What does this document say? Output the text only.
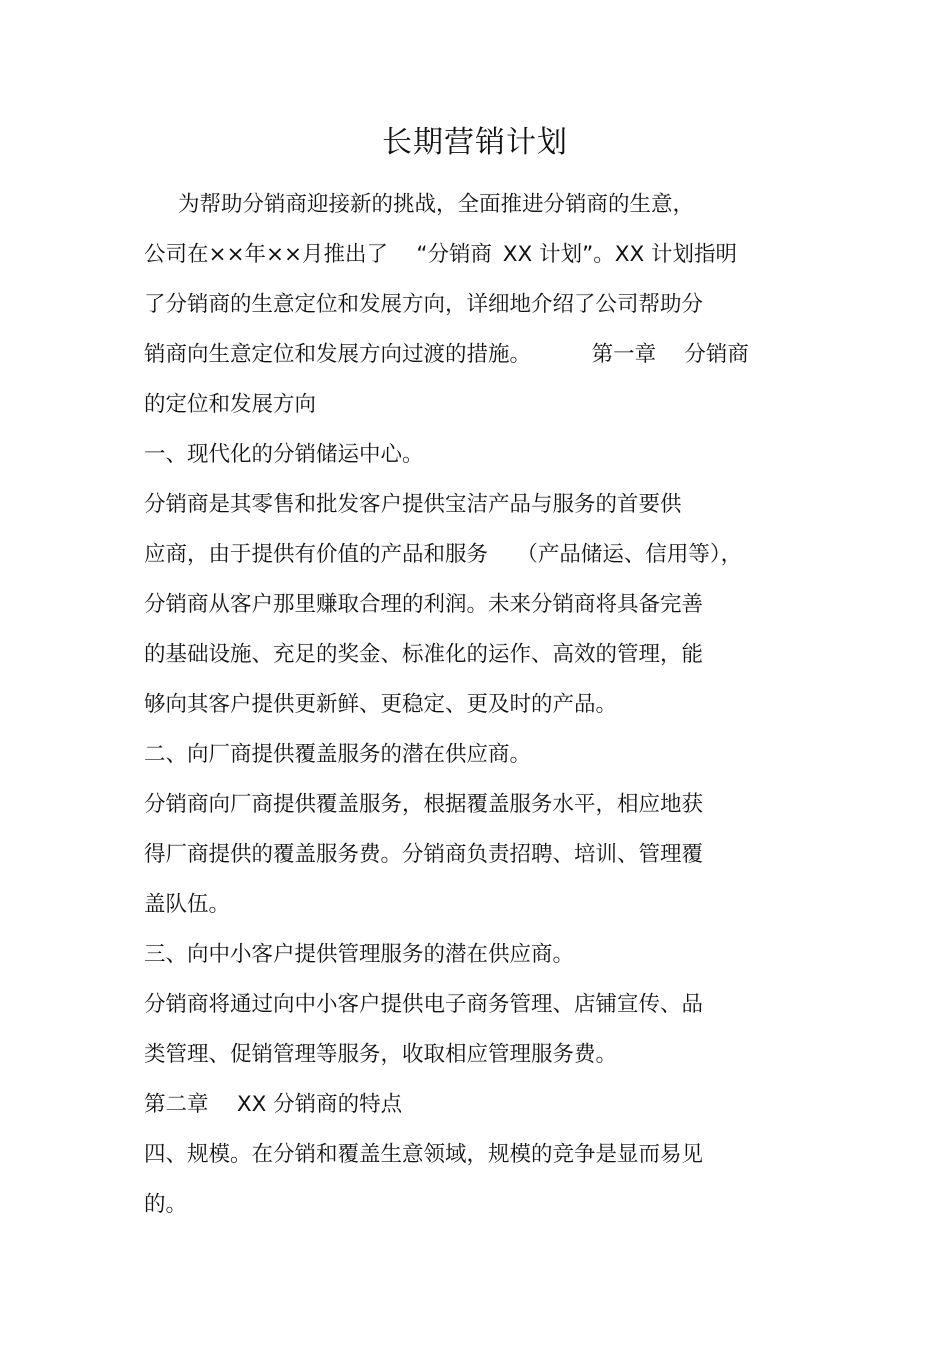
长期营销计划
为帮助分销商迎接新的挑战，全面推进分销商的生意，
公司在××年××月推出了　 “分销商 XX 计划”。XX 计划指明
了分销商的生意定位和发展方向，详细地介绍了公司帮助分
销商向生意定位和发展方向过渡的措施。　　　 第一章　 分销商
的定位和发展方向
一、现代化的分销储运中心。
分销商是其零售和批发客户提供宝洁产品与服务的首要供
应商，由于提供有价值的产品和服务　 （产品储运、信用等），
分销商从客户那里赚取合理的利润。未来分销商将具备完善
的基础设施、充足的奖金、标准化的运作、高效的管理，能
够向其客户提供更新鲜、更稳定、更及时的产品。
二、向厂商提供覆盖服务的潜在供应商。
分销商向厂商提供覆盖服务，根据覆盖服务水平，相应地获
得厂商提供的覆盖服务费。分销商负责招聘、培训、管理覆
盖队伍。
三、向中小客户提供管理服务的潜在供应商。
分销商将通过向中小客户提供电子商务管理、店铺宣传、品
类管理、促销管理等服务，收取相应管理服务费。
第二章　 XX 分销商的特点
四、规模。在分销和覆盖生意领域，规模的竞争是显而易见
的。
